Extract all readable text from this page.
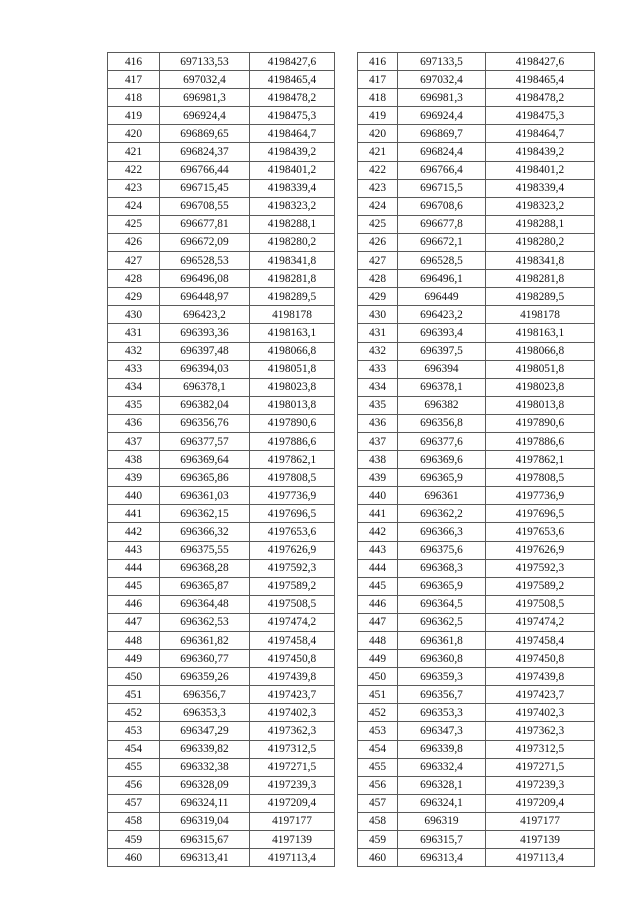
416	697133,53	4198427,6
417	697032,4	4198465,4
418	696981,3	4198478,2
419	696924,4	4198475,3
420	696869,65	4198464,7
421	696824,37	4198439,2
422	696766,44	4198401,2
423	696715,45	4198339,4
424	696708,55	4198323,2
425	696677,81	4198288,1
426	696672,09	4198280,2
427	696528,53	4198341,8
428	696496,08	4198281,8
429	696448,97	4198289,5
430	696423,2	4198178
431	696393,36	4198163,1
432	696397,48	4198066,8
433	696394,03	4198051,8
434	696378,1	4198023,8
435	696382,04	4198013,8
436	696356,76	4197890,6
437	696377,57	4197886,6
438	696369,64	4197862,1
439	696365,86	4197808,5
440	696361,03	4197736,9
441	696362,15	4197696,5
442	696366,32	4197653,6
443	696375,55	4197626,9
444	696368,28	4197592,3
445	696365,87	4197589,2
446	696364,48	4197508,5
447	696362,53	4197474,2
448	696361,82	4197458,4
449	696360,77	4197450,8
450	696359,26	4197439,8
451	696356,7	4197423,7
452	696353,3	4197402,3
453	696347,29	4197362,3
454	696339,82	4197312,5
455	696332,38	4197271,5
456	696328,09	4197239,3
457	696324,11	4197209,4
458	696319,04	4197177
459	696315,67	4197139
460	696313,41	4197113,4
416	697133,5	4198427,6
417	697032,4	4198465,4
418	696981,3	4198478,2
419	696924,4	4198475,3
420	696869,7	4198464,7
421	696824,4	4198439,2
422	696766,4	4198401,2
423	696715,5	4198339,4
424	696708,6	4198323,2
425	696677,8	4198288,1
426	696672,1	4198280,2
427	696528,5	4198341,8
428	696496,1	4198281,8
429	696449	4198289,5
430	696423,2	4198178
431	696393,4	4198163,1
432	696397,5	4198066,8
433	696394	4198051,8
434	696378,1	4198023,8
435	696382	4198013,8
436	696356,8	4197890,6
437	696377,6	4197886,6
438	696369,6	4197862,1
439	696365,9	4197808,5
440	696361	4197736,9
441	696362,2	4197696,5
442	696366,3	4197653,6
443	696375,6	4197626,9
444	696368,3	4197592,3
445	696365,9	4197589,2
446	696364,5	4197508,5
447	696362,5	4197474,2
448	696361,8	4197458,4
449	696360,8	4197450,8
450	696359,3	4197439,8
451	696356,7	4197423,7
452	696353,3	4197402,3
453	696347,3	4197362,3
454	696339,8	4197312,5
455	696332,4	4197271,5
456	696328,1	4197239,3
457	696324,1	4197209,4
458	696319	4197177
459	696315,7	4197139
460	696313,4	4197113,4
